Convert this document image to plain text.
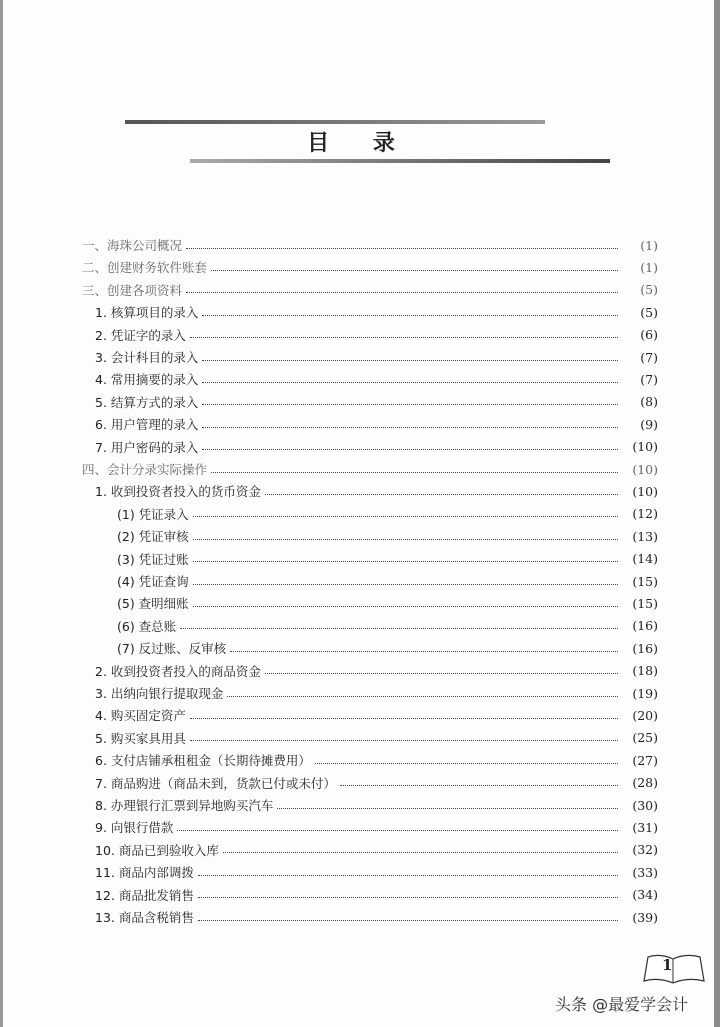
目 录
一、海珠公司概况	(1)
二、创建财务软件账套	(1)
三、创建各项资料	(5)
1. 核算项目的录入	(5)
2. 凭证字的录入	(6)
3. 会计科目的录入	(7)
4. 常用摘要的录入	(7)
5. 结算方式的录入	(8)
6. 用户管理的录入	(9)
7. 用户密码的录入	(10)
四、会计分录实际操作	(10)
1. 收到投资者投入的货币资金	(10)
(1) 凭证录入	(12)
(2) 凭证审核	(13)
(3) 凭证过账	(14)
(4) 凭证查询	(15)
(5) 查明细账	(15)
(6) 查总账	(16)
(7) 反过账、反审核	(16)
2. 收到投资者投入的商品资金	(18)
3. 出纳向银行提取现金	(19)
4. 购买固定资产	(20)
5. 购买家具用具	(25)
6. 支付店铺承租租金（长期待摊费用）	(27)
7. 商品购进（商品未到，货款已付或未付）	(28)
8. 办理银行汇票到异地购买汽车	(30)
9. 向银行借款	(31)
10. 商品已到验收入库	(32)
11. 商品内部调拨	(33)
12. 商品批发销售	(34)
13. 商品含税销售	(39)
1
头条 @最爱学会计
